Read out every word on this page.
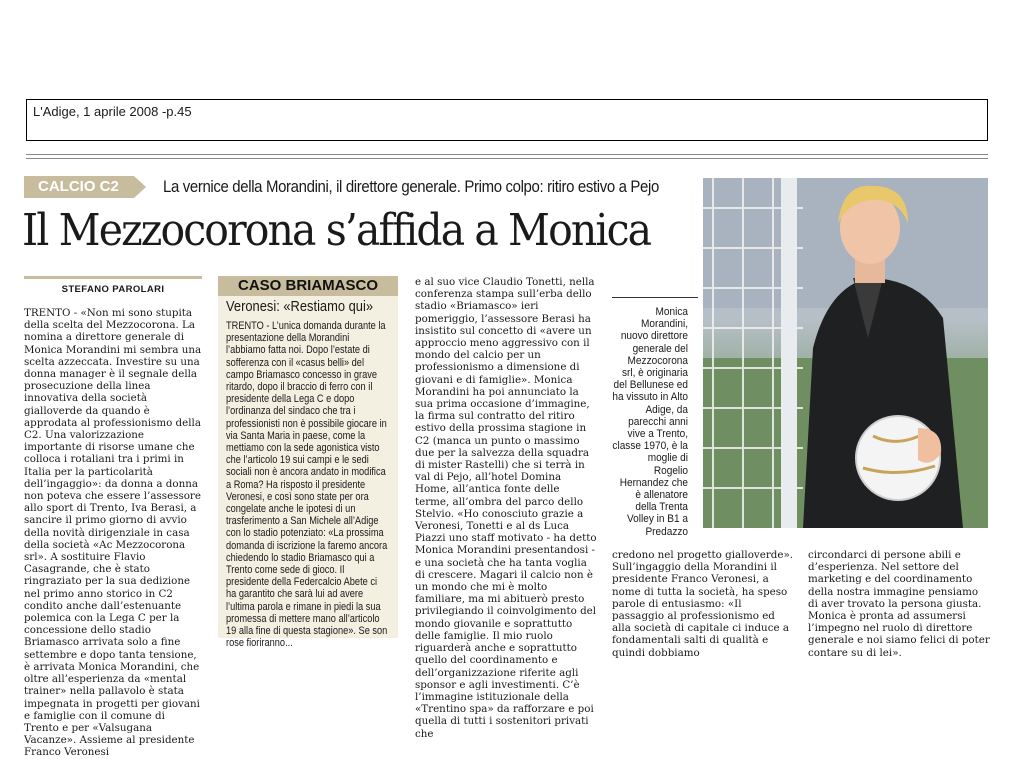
L'Adige, 1 aprile 2008 -p.45
CALCIO C2	La vernice della Morandini, il direttore generale. Primo colpo: ritiro estivo a Pejo
Il Mezzocorona s’affida a Monica
STEFANO PAROLARI

TRENTO - «Non mi sono stupita della scelta del Mezzocorona. La nomina a direttore generale di Monica Morandini mi sembra una scelta azzeccata. Investire su una donna manager è il segnale della prosecuzione della linea innovativa della società gialloverde da quando è approdata al professionismo della C2. Una valorizzazione importante di risorse umane che colloca i rotaliani tra i primi in Italia per la particolarità dell’ingaggio»: da donna a donna non poteva che essere l’assessore allo sport di Trento, Iva Berasi, a sancire il primo giorno di avvio della novità dirigenziale in casa della società «Ac Mezzocorona srl». A sostituire Flavio Casagrande, che è stato ringraziato per la sua dedizione nel primo anno storico in C2 condito anche dall’estenuante polemica con la Lega C per la concessione dello stadio Briamasco arrivata solo a fine settembre e dopo tanta tensione, è arrivata Monica Morandini, che oltre all’esperienza da «mental trainer» nella pallavolo è stata impegnata in progetti per giovani e famiglie con il comune di Trento e per «Valsugana Vacanze». Assieme al presidente Franco Veronesi

CASO BRIAMASCO
Veronesi: «Restiamo qui»
TRENTO - L’unica domanda durante la presentazione della Morandini l’abbiamo fatta noi. Dopo l’estate di sofferenza con il «casus belli» del campo Briamasco concesso in grave ritardo, dopo il braccio di ferro con il presidente della Lega C e dopo l’ordinanza del sindaco che tra i professionisti non è possibile giocare in via Santa Maria in paese, come la mettiamo con la sede agonistica visto che l’articolo 19 sui campi e le sedi sociali non è ancora andato in modifica a Roma? Ha risposto il presidente Veronesi, e così sono state per ora congelate anche le ipotesi di un trasferimento a San Michele all’Adige con lo stadio potenziato: «La prossima domanda di iscrizione la faremo ancora chiedendo lo stadio Briamasco qui a Trento come sede di gioco. Il presidente della Federcalcio Abete ci ha garantito che sarà lui ad avere l’ultima parola e rimane in piedi la sua promessa di mettere mano all’articolo 19 alla fine di questa stagione». Se son rose fioriranno...

e al suo vice Claudio Tonetti, nella conferenza stampa sull’erba dello stadio «Briamasco» ieri pomeriggio, l’assessore Berasi ha insistito sul concetto di «avere un approccio meno aggressivo con il mondo del calcio per un professionismo a dimensione di giovani e di famiglie». Monica Morandini ha poi annunciato la sua prima occasione d’immagine, la firma sul contratto del ritiro estivo della prossima stagione in C2 (manca un punto o massimo due per la salvezza della squadra di mister Rastelli) che si terrà in val di Pejo, all’hotel Domina Home, all’antica fonte delle terme, all’ombra del parco dello Stelvio. «Ho conosciuto grazie a Veronesi, Tonetti e al ds Luca Piazzi uno staff motivato - ha detto Monica Morandini presentandosi - e una società che ha tanta voglia di crescere. Magari il calcio non è un mondo che mi è molto familiare, ma mi abituerò presto privilegiando il coinvolgimento del mondo giovanile e soprattutto delle famiglie. Il mio ruolo riguarderà anche e soprattutto quello del coordinamento e dell’organizzazione riferite agli sponsor e agli investimenti. C’è l’immagine istituzionale della «Trentino spa» da rafforzare e poi quella di tutti i sostenitori privati che

Monica Morandini, nuovo direttore generale del Mezzocorona srl, è originaria del Bellunese ed ha vissuto in Alto Adige, da parecchi anni vive a Trento, classe 1970, è la moglie di Rogelio Hernandez che è allenatore della Trenta Volley in B1 a Predazzo

credono nel progetto gialloverde». Sull’ingaggio della Morandini il presidente Franco Veronesi, a nome di tutta la società, ha speso parole di entusiasmo: «Il passaggio al professionismo ed alla società di capitale ci induce a fondamentali salti di qualità e quindi dobbiamo

circondarci di persone abili e d’esperienza. Nel settore del marketing e del coordinamento della nostra immagine pensiamo di aver trovato la persona giusta. Monica è pronta ad assumersi l’impegno nel ruolo di direttore generale e noi siamo felici di poter contare su di lei».
